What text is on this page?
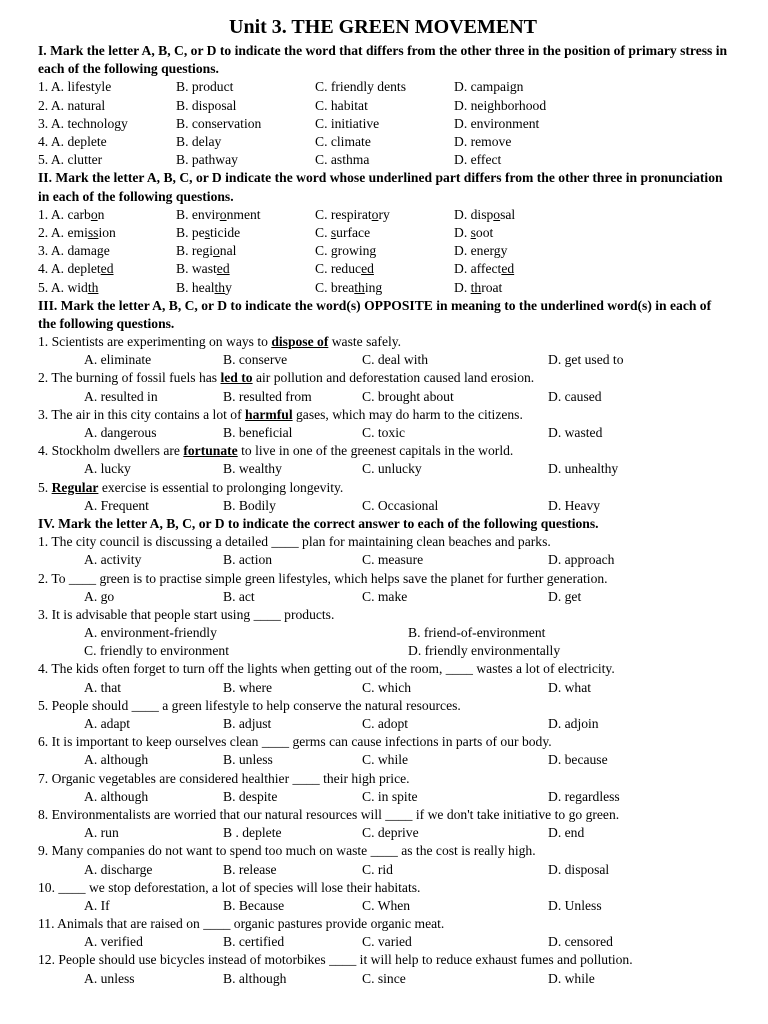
Unit 3. THE GREEN MOVEMENT
I. Mark the letter A, B, C, or D to indicate the word that differs from the other three in the position of primary stress in each of the following questions.
1. A. lifestyle	B. product	C. friendly dents	D. campaign
2. A. natural	B. disposal	C. habitat	D. neighborhood
3. A. technology	B. conservation	C. initiative	D. environment
4. A. deplete	B. delay	C. climate	D. remove
5. A. clutter	B. pathway	C. asthma	D. effect
II. Mark the letter A, B, C, or D indicate the word whose underlined part differs from the other three in pronunciation in each of the following questions.
1. A. carbon	B. environment	C. respiratory	D. disposal
2. A. emission	B. pesticide	C. surface	D. soot
3. A. damage	B. regional	C. growing	D. energy
4. A. depleted	B. wasted	C. reduced	D. affected
5. A. width	B. healthy	C. breathing	D. throat
III. Mark the letter A, B, C, or D to indicate the word(s) OPPOSITE in meaning to the underlined word(s) in each of the following questions.
1. Scientists are experimenting on ways to dispose of waste safely.
A. eliminate	B. conserve	C. deal with	D. get used to
2. The burning of fossil fuels has led to air pollution and deforestation caused land erosion.
A. resulted in	B. resulted from	C. brought about	D. caused
3. The air in this city contains a lot of harmful gases, which may do harm to the citizens.
A. dangerous	B. beneficial	C. toxic	D. wasted
4. Stockholm dwellers are fortunate to live in one of the greenest capitals in the world.
A. lucky	B. wealthy	C. unlucky	D. unhealthy
5. Regular exercise is essential to prolonging longevity.
A. Frequent	B. Bodily	C. Occasional	D. Heavy
IV. Mark the letter A, B, C, or D to indicate the correct answer to each of the following questions.
1. The city council is discussing a detailed ____ plan for maintaining clean beaches and parks.
A. activity	B. action	C. measure	D. approach
2. To ____ green is to practise simple green lifestyles, which helps save the planet for further generation.
A. go	B. act	C. make	D. get
3. It is advisable that people start using ____ products.
A. environment-friendly	B. friend-of-environment
C. friendly to environment	D. friendly environmentally
4. The kids often forget to turn off the lights when getting out of the room, ____ wastes a lot of electricity.
A. that	B. where	C. which	D. what
5. People should ____ a green lifestyle to help conserve the natural resources.
A. adapt	B. adjust	C. adopt	D. adjoin
6. It is important to keep ourselves clean ____ germs can cause infections in parts of our body.
A. although	B. unless	C. while	D. because
7. Organic vegetables are considered healthier ____ their high price.
A. although	B. despite	C. in spite	D. regardless
8. Environmentalists are worried that our natural resources will ____ if we don't take initiative to go green.
A. run	B . deplete	C. deprive	D. end
9. Many companies do not want to spend too much on waste ____ as the cost is really high.
A. discharge	B. release	C. rid	D. disposal
10. ____ we stop deforestation, a lot of species will lose their habitats.
A. If	B. Because	C. When	D. Unless
11. Animals that are raised on ____ organic pastures provide organic meat.
A. verified	B. certified	C. varied	D. censored
12. People should use bicycles instead of motorbikes ____ it will help to reduce exhaust fumes and pollution.
A. unless	B. although	C. since	D. while
